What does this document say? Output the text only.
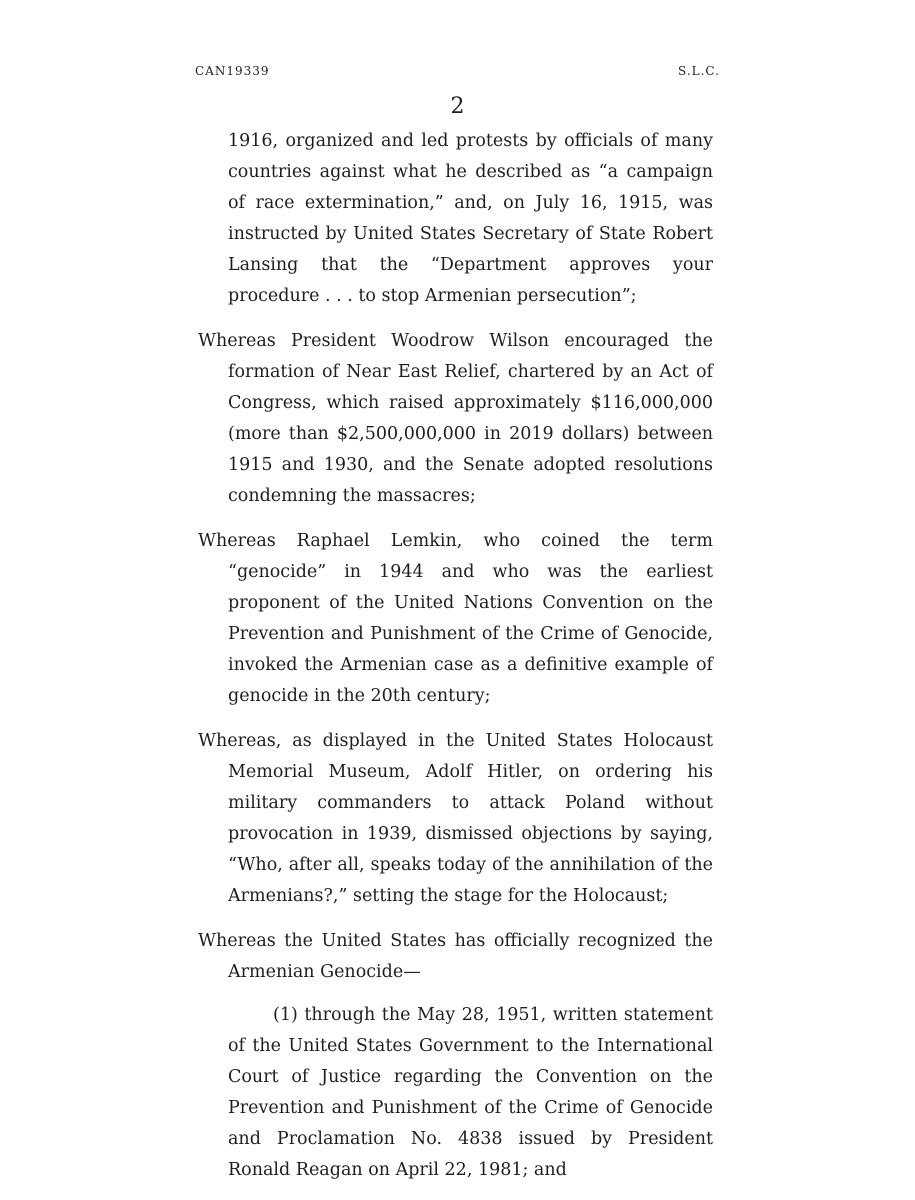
CAN19339	S.L.C.
2

1916, organized and led protests by officials of many countries against what he described as “a campaign of race extermination,” and, on July 16, 1915, was instructed by United States Secretary of State Robert Lansing that the “Department approves your procedure . . . to stop Armenian persecution”;

Whereas President Woodrow Wilson encouraged the formation of Near East Relief, chartered by an Act of Congress, which raised approximately $116,000,000 (more than $2,500,000,000 in 2019 dollars) between 1915 and 1930, and the Senate adopted resolutions condemning the massacres;

Whereas Raphael Lemkin, who coined the term “genocide” in 1944 and who was the earliest proponent of the United Nations Convention on the Prevention and Punishment of the Crime of Genocide, invoked the Armenian case as a definitive example of genocide in the 20th century;

Whereas, as displayed in the United States Holocaust Memorial Museum, Adolf Hitler, on ordering his military commanders to attack Poland without provocation in 1939, dismissed objections by saying, “Who, after all, speaks today of the annihilation of the Armenians?,” setting the stage for the Holocaust;

Whereas the United States has officially recognized the Armenian Genocide—

(1) through the May 28, 1951, written statement of the United States Government to the International Court of Justice regarding the Convention on the Prevention and Punishment of the Crime of Genocide and Proclamation No. 4838 issued by President Ronald Reagan on April 22, 1981; and
